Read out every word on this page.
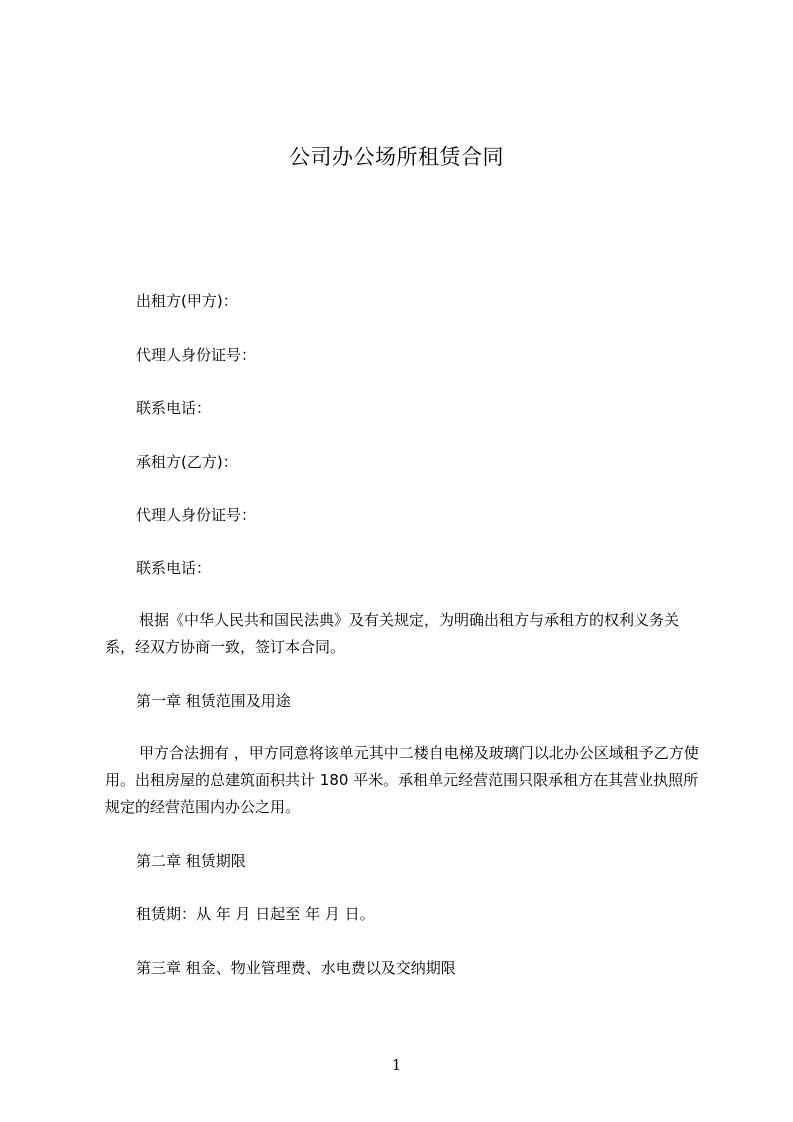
公司办公场所租赁合同
出租方(甲方)：
代理人身份证号：
联系电话：
承租方(乙方)：
代理人身份证号：
联系电话：
根据《中华人民共和国民法典》及有关规定，为明确出租方与承租方的权利义务关系，经双方协商一致，签订本合同。
第一章 租赁范围及用途
甲方合法拥有 ，甲方同意将该单元其中二楼自电梯及玻璃门以北办公区域租予乙方使用。出租房屋的总建筑面积共计 180 平米。承租单元经营范围只限承租方在其营业执照所规定的经营范围内办公之用。
第二章 租赁期限
租赁期：从 年 月 日起至 年 月 日。
第三章 租金、物业管理费、水电费以及交纳期限
1
